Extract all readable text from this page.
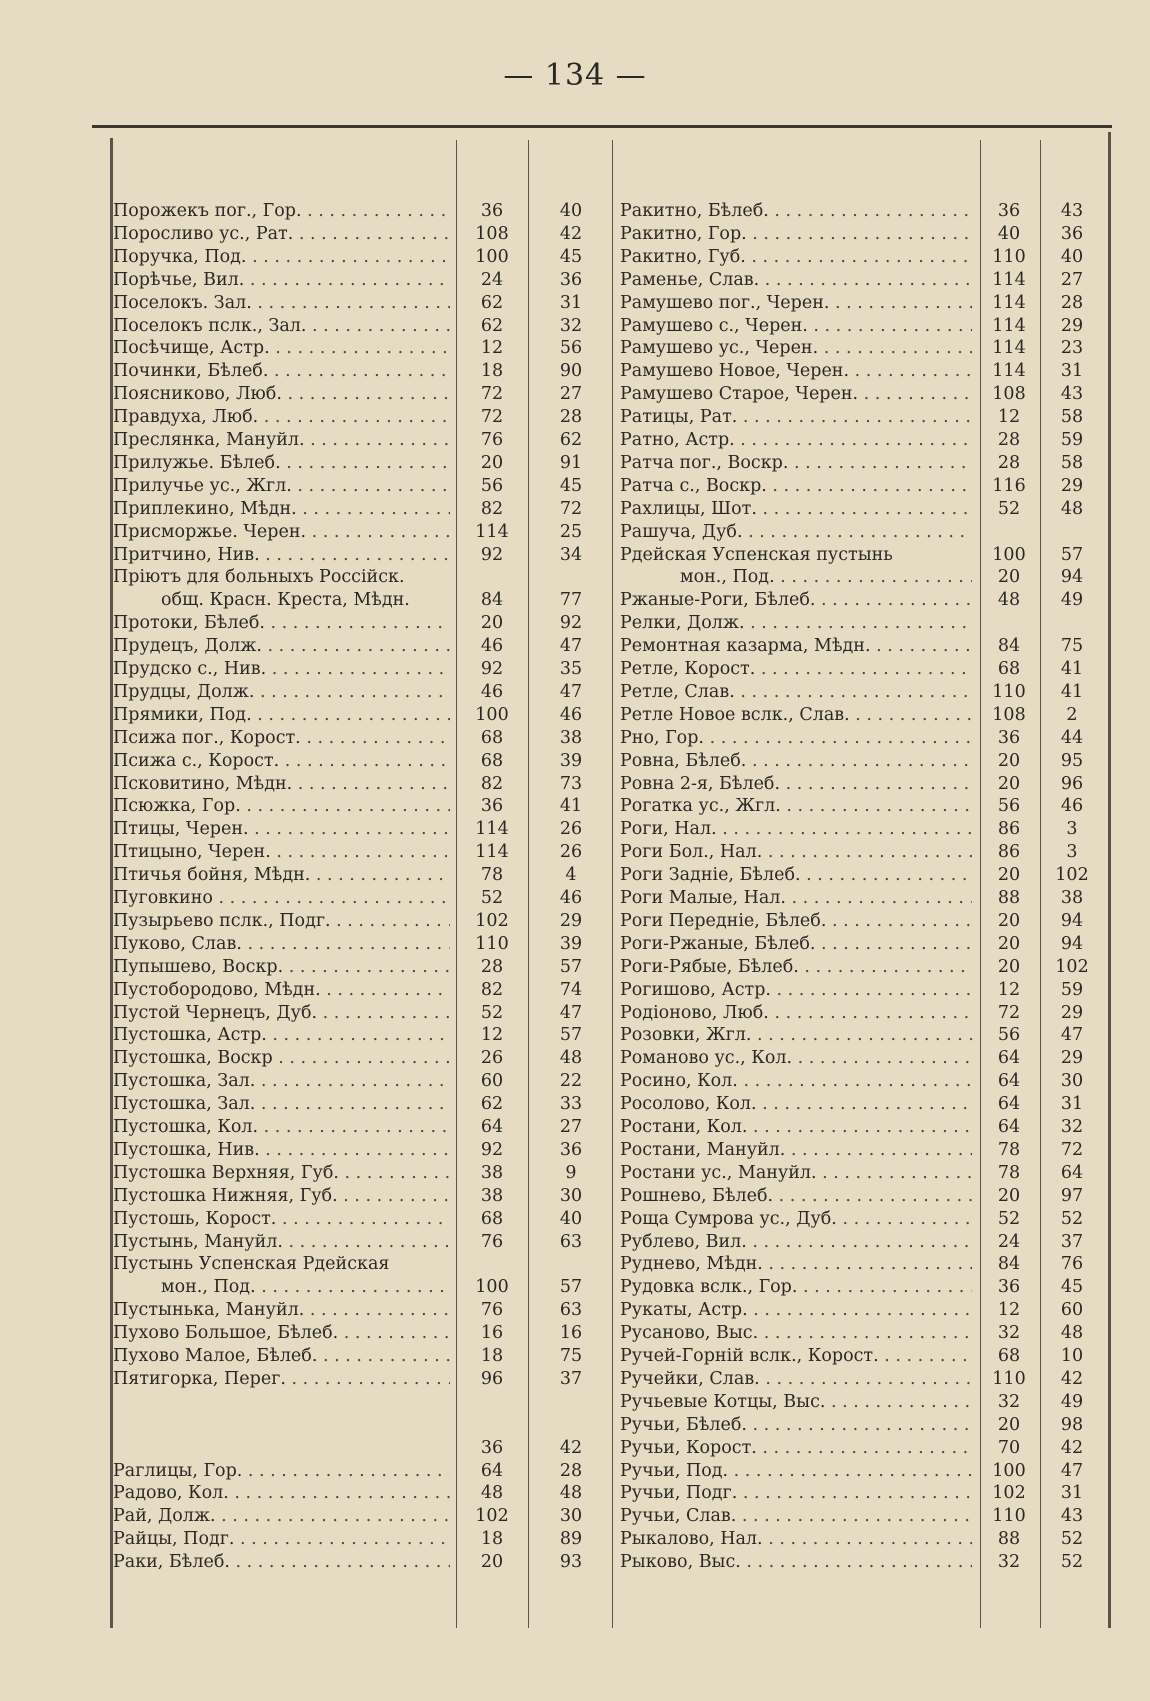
— 134 —
Порожекъ пог., Гор. . . .	36	40
Поросливо ус., Рат. . . .	108	42
Поручка, Под. . . .	100	45
Порѣчье, Вил. . . .	24	36
Поселокъ. Зал. . . .	62	31
Поселокъ пслк., Зал. . . .	62	32
Посѣчище, Астр. . . .	12	56
Починки, Бѣлеб. . . .	18	90
Поясниково, Люб. . . .	72	27
Правдуха, Люб. . . .	72	28
Преслянка, Мануйл. . . .	76	62
Прилужье. Бѣлеб. . . .	20	91
Прилучье ус., Жгл. . . .	56	45
Приплекино, Мѣдн. . . .	82	72
Присморжье. Черен. . . .	114	25
Притчино, Нив. . . .	92	34
Пріютъ для больныхъ Россійск.
общ. Красн. Креста, Мѣдн.	84	77
Протоки, Бѣлеб. . . .	20	92
Прудецъ, Долж. . . .	46	47
Прудско с., Нив. . . .	92	35
Прудцы, Долж. . . .	46	47
Прямики, Под. . . .	100	46
Псижа пог., Корост. . . .	68	38
Псижа с., Корост. . . .	68	39
Псковитино, Мѣдн. . . .	82	73
Псюжка, Гор. . . .	36	41
Птицы, Черен. . . .	114	26
Птицыно, Черен. . . .	114	26
Птичья бойня, Мѣдн. . . .	78	4
Пуговкино . . .	52	46
Пузырьево пслк., Подг. . . .	102	29
Пуково, Слав. . . .	110	39
Пупышево, Воскр. . . .	28	57
Пустобородово, Мѣдн. . . .	82	74
Пустой Чернецъ, Дуб. . . .	52	47
Пустошка, Астр. . . .	12	57
Пустошка, Воскр . . .	26	48
Пустошка, Зал. . . .	60	22
Пустошка, Зал. . . .	62	33
Пустошка, Кол. . . .	64	27
Пустошка, Нив. . . .	92	36
Пустошка Верхняя, Губ. . . .	38	9
Пустошка Нижняя, Губ. . . .	38	30
Пустошь, Корост. . . .	68	40
Пустынь, Мануйл. . . .	76	63
Пустынь Успенская Рдейская
мон., Под. . . .	100	57
Пустынька, Мануйл. . . .	76	63
Пухово Большое, Бѣлеб. . . .	16	16
Пухово Малое, Бѣлеб. . . .	18	75
Пятигорка, Перег. . . .	96	37
36	42
Раглицы, Гор. . . .	64	28
Радово, Кол. . . .	48	48
Рай, Долж. . . .	102	30
Райцы, Подг. . . .	18	89
Раки, Бѣлеб. . . .	20	93
Ракитно, Бѣлеб. . . .	36	43
Ракитно, Гор. . . .	40	36
Ракитно, Губ. . . .	110	40
Раменье, Слав. . . .	114	27
Рамушево пог., Черен. . . .	114	28
Рамушево с., Черен. . . .	114	29
Рамушево ус., Черен. . . .	114	23
Рамушево Новое, Черен. . . .	114	31
Рамушево Старое, Черен. . . .	108	43
Ратицы, Рат. . . .	12	58
Ратно, Астр. . . .	28	59
Ратча пог., Воскр. . . .	28	58
Ратча с., Воскр. . . .	116	29
Рахлицы, Шот. . . .	52	48
Рашуча, Дуб. . . .
Рдейская Успенская пустынь	100	57
мон., Под. . . .	20	94
Ржаные-Роги, Бѣлеб. . . .	48	49
Релки, Долж. . . .
Ремонтная казарма, Мѣдн. . . .	84	75
Ретле, Корост. . . .	68	41
Ретле, Слав. . . .	110	41
Ретле Новое вслк., Слав. . . .	108	2
Рно, Гор. . . .	36	44
Ровна, Бѣлеб. . . .	20	95
Ровна 2-я, Бѣлеб. . . .	20	96
Рогатка ус., Жгл. . . .	56	46
Роги, Нал. . . .	86	3
Роги Бол., Нал. . . .	86	3
Роги Задніе, Бѣлеб. . . .	20	102
Роги Малые, Нал. . . .	88	38
Роги Передніе, Бѣлеб. . . .	20	94
Роги-Ржаные, Бѣлеб. . . .	20	94
Роги-Рябые, Бѣлеб. . . .	20	102
Рогишово, Астр. . . .	12	59
Родіоново, Люб. . . .	72	29
Розовки, Жгл. . . .	56	47
Романово ус., Кол. . . .	64	29
Росино, Кол. . . .	64	30
Росолово, Кол. . . .	64	31
Ростани, Кол. . . .	64	32
Ростани, Мануйл. . . .	78	72
Ростани ус., Мануйл. . . .	78	64
Рошнево, Бѣлеб. . . .	20	97
Роща Сумрова ус., Дуб. . . .	52	52
Рублево, Вил. . . .	24	37
Руднево, Мѣдн. . . .	84	76
Рудовка вслк., Гор. . . .	36	45
Рукаты, Астр. . . .	12	60
Русаново, Выс. . . .	32	48
Ручей-Горній вслк., Корост. . . .	68	10
Ручейки, Слав. . . .	110	42
Ручьевые Котцы, Выс. . . .	32	49
Ручьи, Бѣлеб. . . .	20	98
Ручьи, Корост. . . .	70	42
Ручьи, Под. . . .	100	47
Ручьи, Подг. . . .	102	31
Ручьи, Слав. . . .	110	43
Рыкалово, Нал. . . .	88	52
Рыково, Выс. . . .	32	52
